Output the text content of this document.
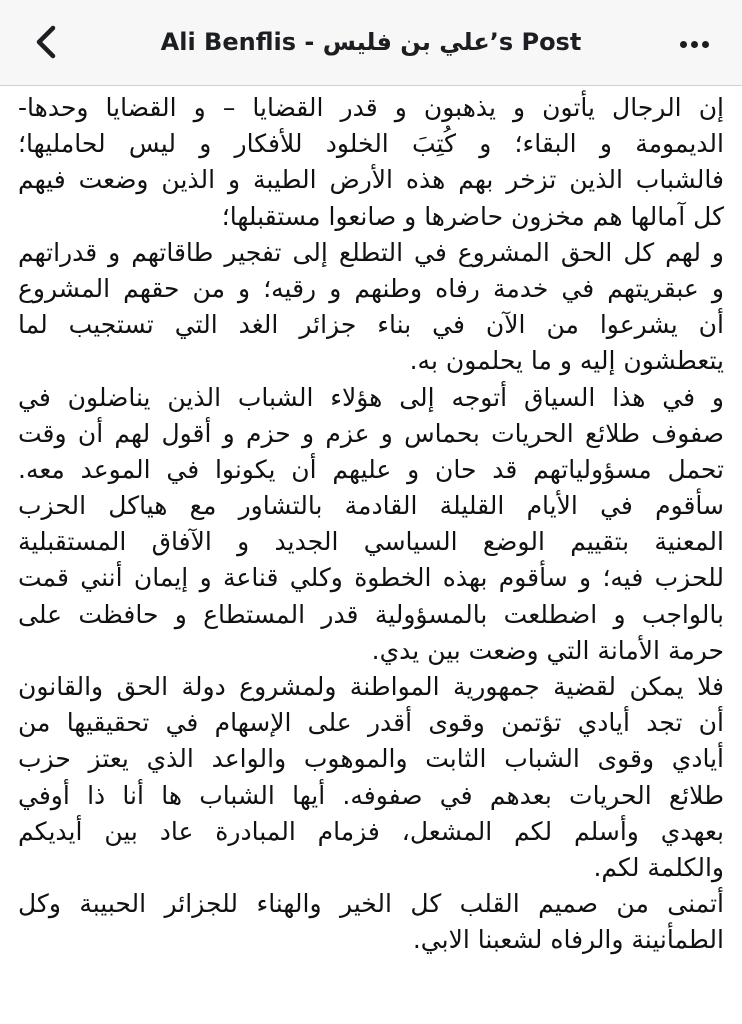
إن الرجال يأتون و يذهبون و قدر القضايا – و القضايا وحدها-
الديمومة و البقاء؛ و كُتِبَ الخلود للأفكار و ليس لحامليها؛
فالشباب الذين تزخر بهم هذه الأرض الطيبة و الذين وضعت فيهم
كل آمالها هم مخزون حاضرها و صانعوا مستقبلها؛
و لهم كل الحق المشروع في التطلع إلى تفجير طاقاتهم و قدراتهم
و عبقريتهم في خدمة رفاه وطنهم و رقيه؛ و من حقهم المشروع
أن يشرعوا من الآن في بناء جزائر الغد التي تستجيب لما
يتعطشون إليه و ما يحلمون به.
و في هذا السياق أتوجه إلى هؤلاء الشباب الذين يناضلون في
صفوف طلائع الحريات بحماس و عزم و حزم و أقول لهم أن وقت
تحمل مسؤولياتهم قد حان و عليهم أن يكونوا في الموعد معه.
سأقوم في الأيام القليلة القادمة بالتشاور مع هياكل الحزب
المعنية بتقييم الوضع السياسي الجديد و الآفاق المستقبلية
للحزب فيه؛ و سأقوم بهذه الخطوة وكلي قناعة و إيمان أنني قمت
بالواجب و اضطلعت بالمسؤولية قدر المستطاع و حافظت على
حرمة الأمانة التي وضعت بين يدي.
فلا يمكن لقضية جمهورية المواطنة ولمشروع دولة الحق والقانون
أن تجد أيادي تؤتمن وقوى أقدر على الإسهام في تحقيقيها من
أيادي وقوى الشباب الثابت والموهوب والواعد الذي يعتز حزب
طلائع الحريات بعدهم في صفوفه. أيها الشباب ها أنا ذا أوفي
بعهدي وأسلم لكم المشعل، فزمام المبادرة عاد بين أيديكم
والكلمة لكم.
أتمنى من صميم القلب كل الخير والهناء للجزائر الحبيبة وكل
الطمأنينة والرفاه لشعبنا الابي.
Ali Benflis - علي بن فليس’s Post
